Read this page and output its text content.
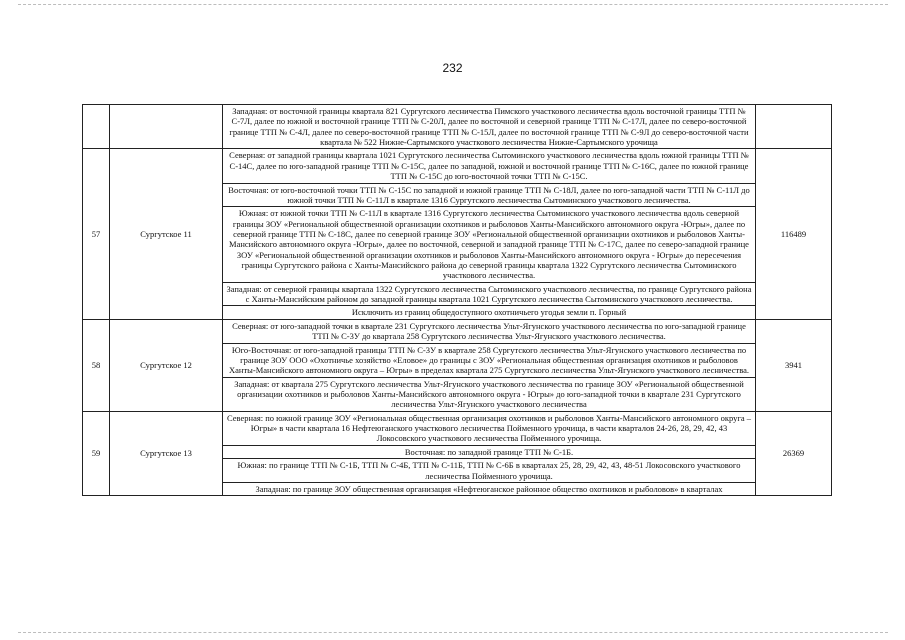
232
		Западная: от восточной границы квартала 821 Сургутского лесничества Пимского участкового лесничества вдоль восточной границы ТТП № С-7Л, далее по южной и восточной границе ТТП № С-20Л, далее по восточной и северной границе ТТП № С-17Л, далее по северо-восточной границе ТТП № С-4Л, далее по северо-восточной границе ТТП № С-15Л, далее по восточной границе ТТП № С-9Л до северо-восточной части квартала № 522 Нижне-Сартымского участкового лесничества Нижне-Сартымского урочища	
57	Сургутское 11	Северная: от западной границы квартала 1021 Сургутского лесничества Сытоминского участкового лесничества вдоль южной границы ТТП № С-14С, далее по юго-западной границе ТТП № С-15С, далее по западной, южной и восточной границе ТТП № С-16С, далее по южной границе ТТП № С-15С до юго-восточной точки ТТП № С-15С.	116489
		Восточная: от юго-восточной точки ТТП № С-15С по западной и южной границе ТТП № С-18Л, далее по юго-западной части ТТП № С-11Л до южной точки ТТП № С-11Л в квартале 1316 Сургутского лесничества Сытоминского участкового лесничества.	
		Южная: от южной точки ТТП № С-11Л в квартале 1316 Сургутского лесничества Сытоминского участкового лесничества вдоль северной границы ЗОУ «Региональной общественной организации охотников и рыболовов Ханты-Мансийского автономного округа -Югры», далее по северной границе ТТП № С-18С, далее по северной границе ЗОУ «Региональной общественной организации охотников и рыболовов Ханты-Мансийского автономного округа -Югры», далее по восточной, северной и западной границе ТТП № С-17С, далее по северо-западной границе ЗОУ «Региональной общественной организации охотников и рыболовов Ханты-Мансийского автономного округа - Югры» до пересечения границы Сургутского района с Ханты-Мансийского района до северной границы квартала 1322 Сургутского лесничества Сытоминского участкового лесничества.	
		Западная: от северной границы квартала 1322 Сургутского лесничества Сытоминского участкового лесничества, по границе Сургутского района с Ханты-Мансийским районом до западной границы квартала 1021 Сургутского лесничества Сытоминского участкового лесничества.	
		Исключить из границ общедоступного охотничьего угодья земли п. Горный	
58	Сургутское 12	Северная: от юго-западной точки в квартале 231 Сургутского лесничества Ульт-Ягунского участкового лесничества по юго-западной границе ТТП № С-3У до квартала 258 Сургутского лесничества Ульт-Ягунского участкового лесничества.	3941
		Юго-Восточная: от юго-западной границы ТТП № С-3У в квартале 258 Сургутского лесничества Ульт-Ягунского участкового лесничества по границе ЗОУ ООО «Охотничье хозяйство «Еловое» до границы с ЗОУ «Региональная общественная организация охотников и рыболовов Ханты-Мансийского автономного округа – Югры» в пределах квартала 275 Сургутского лесничества Ульт-Ягунского участкового лесничества.	
		Западная: от квартала 275 Сургутского лесничества Ульт-Ягунского участкового лесничества по границе ЗОУ «Региональной общественной организации охотников и рыболовов Ханты-Мансийского автономного округа - Югры» до юго-западной точки в квартале 231 Сургутского лесничества Ульт-Ягунского участкового лесничества	
59	Сургутское 13	Северная: по южной границе ЗОУ «Региональная общественная организация охотников и рыболовов Ханты-Мансийского автономного округа – Югры» в части квартала 16 Нефтеюганского участкового лесничества Пойменного урочища, в части кварталов 24-26, 28, 29, 42, 43 Локосовского участкового лесничества Пойменного урочища.	26369
		Восточная: по западной границе ТТП № С-1Б.	
		Южная: по границе ТТП № С-1Б, ТТП № С-4Б, ТТП № С-11Б, ТТП № С-6Б в кварталах 25, 28, 29, 42, 43, 48-51 Локосовского участкового лесничества Пойменного урочища.	
		Западная: по границе ЗОУ общественная организация «Нефтеюганское районное общество охотников и рыболовов» в кварталах	
